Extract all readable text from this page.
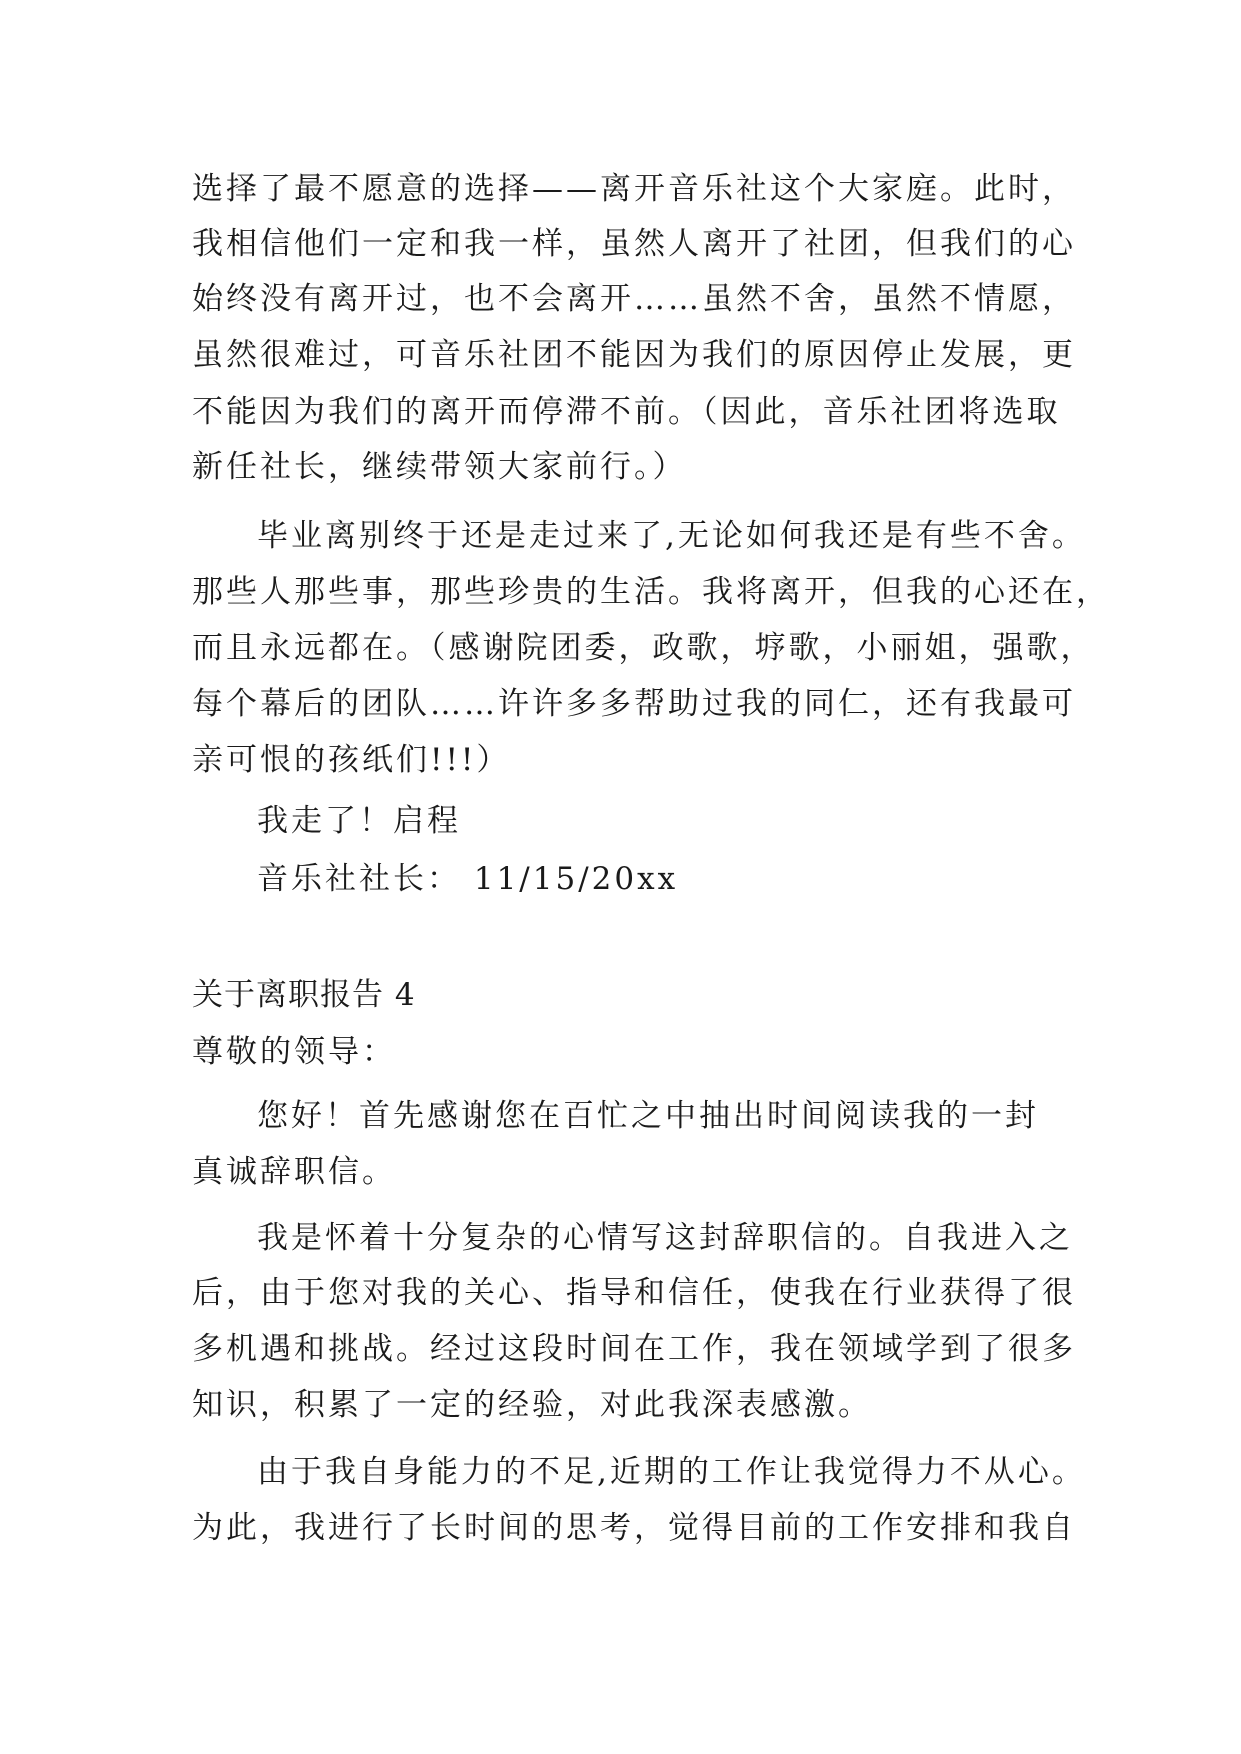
选择了最不愿意的选择——离开音乐社这个大家庭。此时，
我相信他们一定和我一样，虽然人离开了社团，但我们的心
始终没有离开过，也不会离开……虽然不舍，虽然不情愿，
虽然很难过，可音乐社团不能因为我们的原因停止发展，更
不能因为我们的离开而停滞不前。（因此，音乐社团将选取
新任社长，继续带领大家前行。）
毕业离别终于还是走过来了,无论如何我还是有些不舍。
那些人那些事，那些珍贵的生活。我将离开，但我的心还在，
而且永远都在。（感谢院团委，政歌，垿歌，小丽姐，强歌，
每个幕后的团队……许许多多帮助过我的同仁，还有我最可
亲可恨的孩纸们!!!）
我走了！启程
音乐社社长： 11/15/20xx
关于离职报告 4
尊敬的领导：
您好！首先感谢您在百忙之中抽出时间阅读我的一封
真诚辞职信。
我是怀着十分复杂的心情写这封辞职信的。自我进入之
后，由于您对我的关心、指导和信任，使我在行业获得了很
多机遇和挑战。经过这段时间在工作，我在领域学到了很多
知识，积累了一定的经验，对此我深表感激。
由于我自身能力的不足,近期的工作让我觉得力不从心。
为此，我进行了长时间的思考，觉得目前的工作安排和我自
